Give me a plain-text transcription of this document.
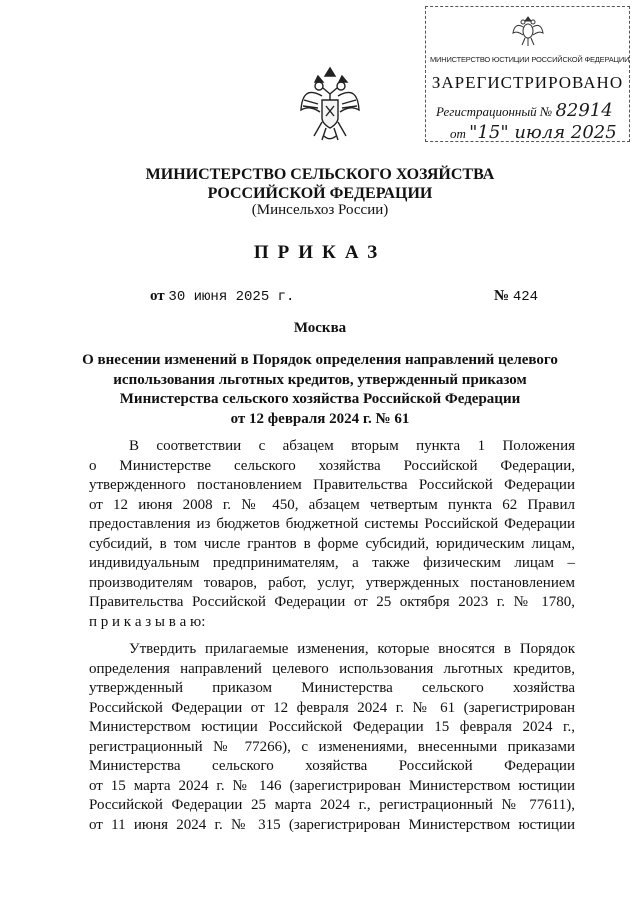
МИНИСТЕРСТВО ЮСТИЦИИ РОССИЙСКОЙ ФЕДЕРАЦИИ
ЗАРЕГИСТРИРОВАНО
Регистрационный № 82914
от "15" июля 2025
МИНИСТЕРСТВО СЕЛЬСКОГО ХОЗЯЙСТВА
РОССИЙСКОЙ ФЕДЕРАЦИИ
(Минсельхоз России)
ПРИКАЗ
от 30 июня 2025 г.	№ 424
Москва
О внесении изменений в Порядок определения направлений целевого
использования льготных кредитов, утвержденный приказом
Министерства сельского хозяйства Российской Федерации
от 12 февраля 2024 г. № 61
В соответствии с абзацем вторым пункта 1 Положения
о Министерстве сельского хозяйства Российской Федерации,
утвержденного постановлением Правительства Российской Федерации
от 12 июня 2008 г. № 450, абзацем четвертым пункта 62 Правил
предоставления из бюджетов бюджетной системы Российской Федерации
субсидий, в том числе грантов в форме субсидий, юридическим лицам,
индивидуальным предпринимателям, а также физическим лицам –
производителям товаров, работ, услуг, утвержденных постановлением
Правительства Российской Федерации от 25 октября 2023 г. № 1780,
п р и к а з ы в а ю:
Утвердить прилагаемые изменения, которые вносятся в Порядок
определения направлений целевого использования льготных кредитов,
утвержденный приказом Министерства сельского хозяйства
Российской Федерации от 12 февраля 2024 г. № 61 (зарегистрирован
Министерством юстиции Российской Федерации 15 февраля 2024 г.,
регистрационный № 77266), с изменениями, внесенными приказами
Министерства сельского хозяйства Российской Федерации
от 15 марта 2024 г. № 146 (зарегистрирован Министерством юстиции
Российской Федерации 25 марта 2024 г., регистрационный № 77611),
от 11 июня 2024 г. № 315 (зарегистрирован Министерством юстиции
